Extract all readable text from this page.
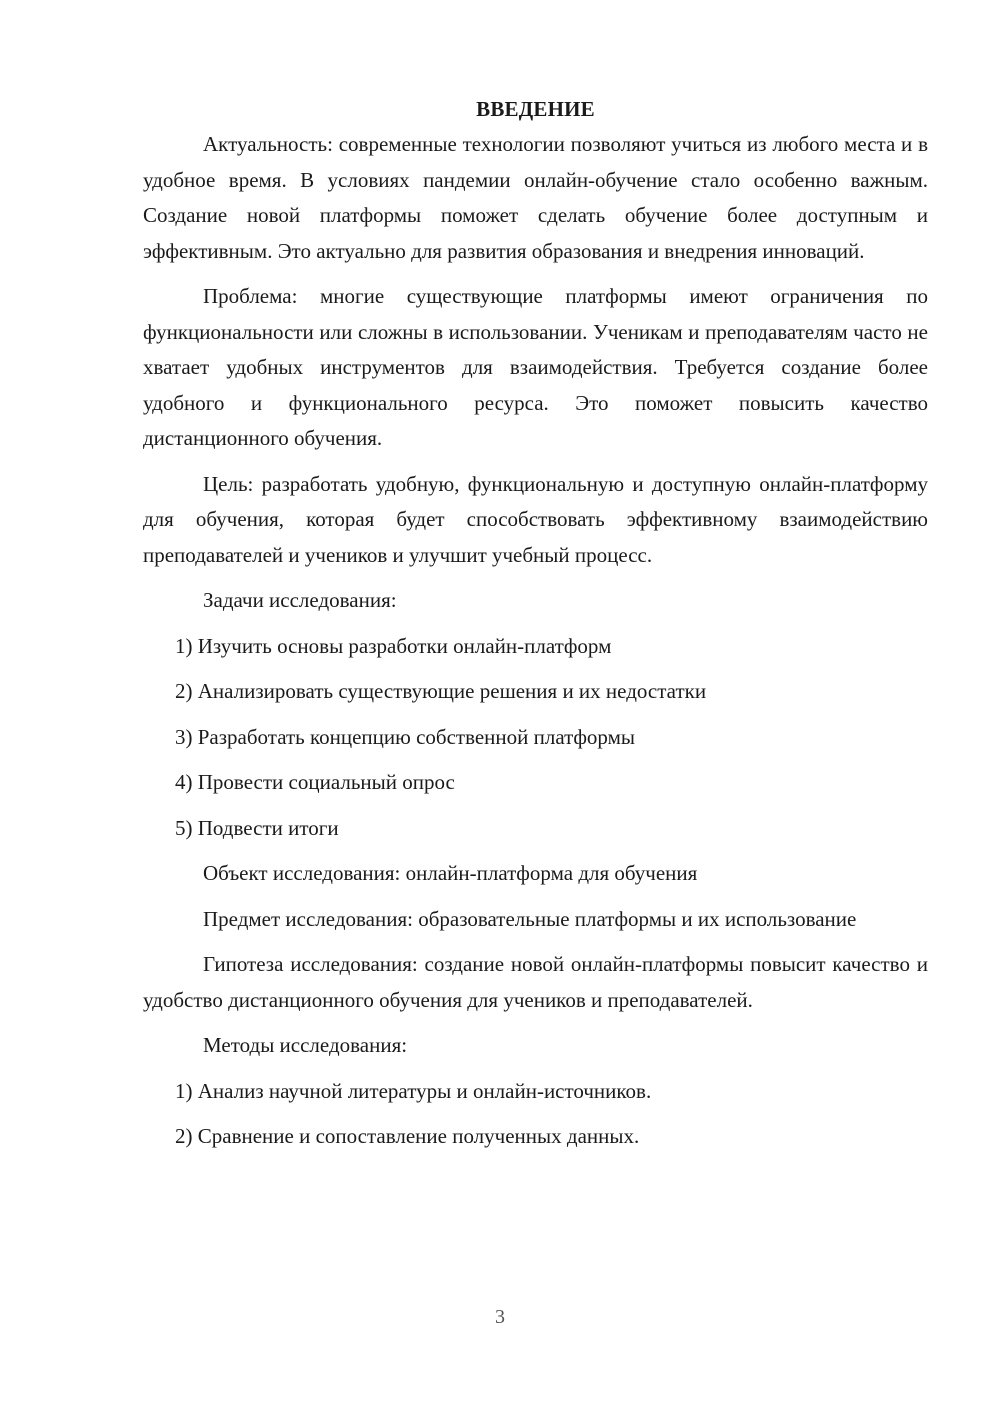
ВВЕДЕНИЕ

Актуальность: современные технологии позволяют учиться из любого места и в удобное время. В условиях пандемии онлайн-обучение стало особенно важным. Создание новой платформы поможет сделать обучение более доступным и эффективным. Это актуально для развития образования и внедрения инноваций.

Проблема: многие существующие платформы имеют ограничения по функциональности или сложны в использовании. Ученикам и преподавателям часто не хватает удобных инструментов для взаимодействия. Требуется создание более удобного и функционального ресурса. Это поможет повысить качество дистанционного обучения.

Цель: разработать удобную, функциональную и доступную онлайн-платформу для обучения, которая будет способствовать эффективному взаимодействию преподавателей и учеников и улучшит учебный процесс.

Задачи исследования:

1) Изучить основы разработки онлайн-платформ

2) Анализировать существующие решения и их недостатки

3) Разработать концепцию собственной платформы

4) Провести социальный опрос

5) Подвести итоги

Объект исследования: онлайн-платформа для обучения

Предмет исследования: образовательные платформы и их использование

Гипотеза исследования: создание новой онлайн-платформы повысит качество и удобство дистанционного обучения для учеников и преподавателей.

Методы исследования:

1) Анализ научной литературы и онлайн-источников.

2) Сравнение и сопоставление полученных данных.

3
